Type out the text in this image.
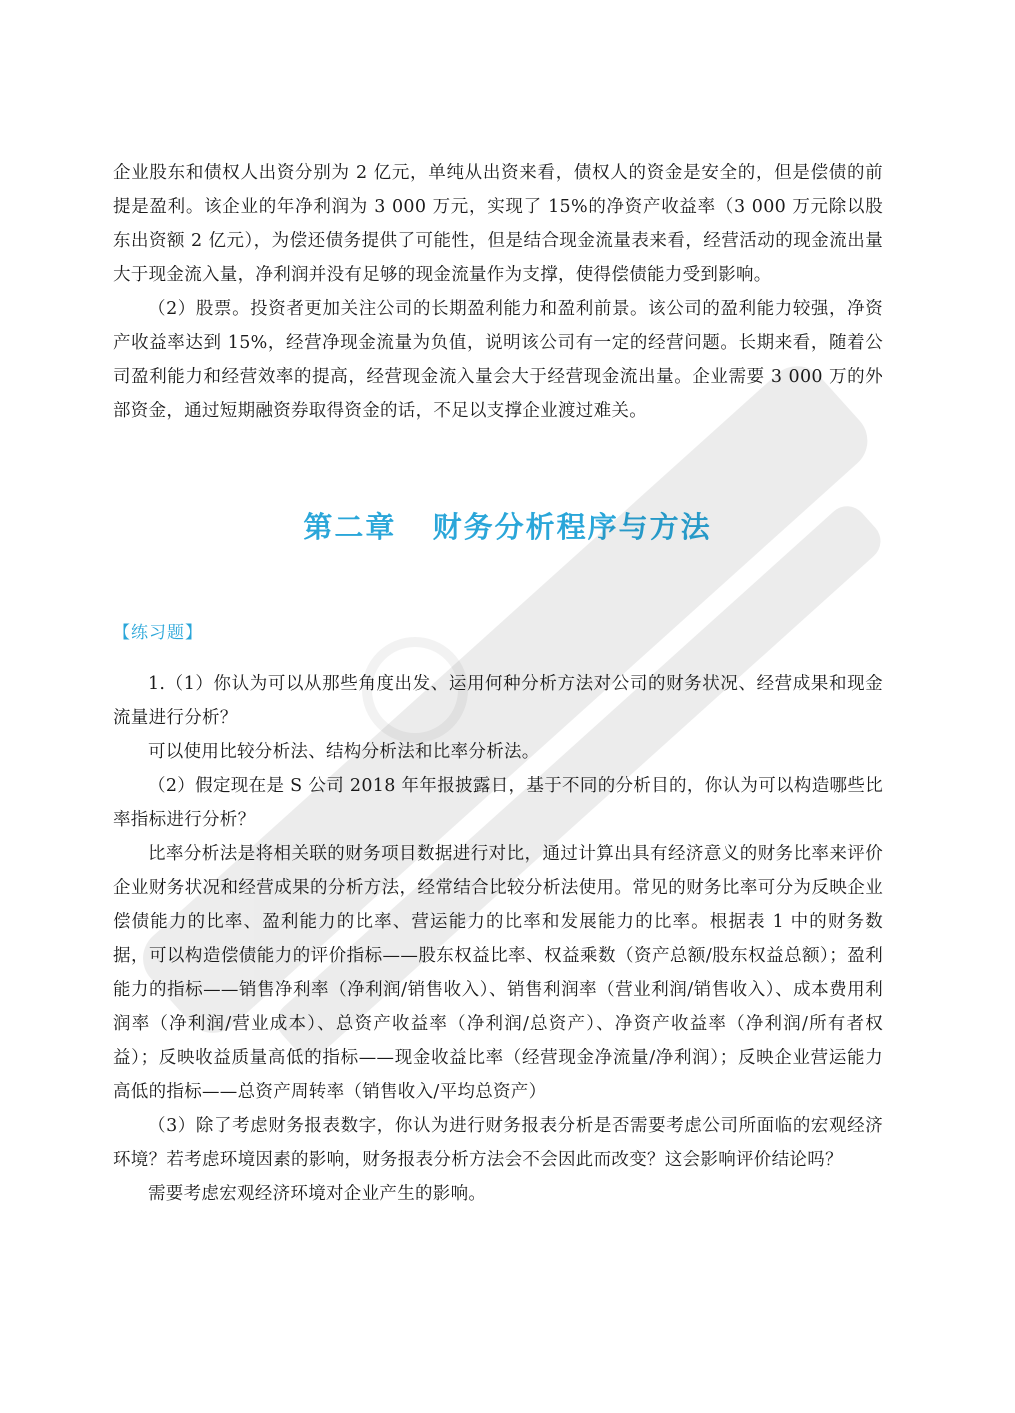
企业股东和债权人出资分别为 2 亿元，单纯从出资来看，债权人的资金是安全的，但是偿债的前提是盈利。该企业的年净利润为 3 000 万元，实现了 15%的净资产收益率（3 000 万元除以股东出资额 2 亿元），为偿还债务提供了可能性，但是结合现金流量表来看，经营活动的现金流出量大于现金流入量，净利润并没有足够的现金流量作为支撑，使得偿债能力受到影响。

（2）股票。投资者更加关注公司的长期盈利能力和盈利前景。该公司的盈利能力较强，净资产收益率达到 15%，经营净现金流量为负值，说明该公司有一定的经营问题。长期来看，随着公司盈利能力和经营效率的提高，经营现金流入量会大于经营现金流出量。企业需要 3 000 万的外部资金，通过短期融资券取得资金的话，不足以支撑企业渡过难关。

第二章   财务分析程序与方法
【练习题】

1.（1）你认为可以从那些角度出发、运用何种分析方法对公司的财务状况、经营成果和现金流量进行分析？

可以使用比较分析法、结构分析法和比率分析法。

（2）假定现在是 S 公司 2018 年年报披露日，基于不同的分析目的，你认为可以构造哪些比率指标进行分析？

比率分析法是将相关联的财务项目数据进行对比，通过计算出具有经济意义的财务比率来评价企业财务状况和经营成果的分析方法，经常结合比较分析法使用。常见的财务比率可分为反映企业偿债能力的比率、盈利能力的比率、营运能力的比率和发展能力的比率。根据表 1 中的财务数据，可以构造偿债能力的评价指标——股东权益比率、权益乘数（资产总额/股东权益总额）；盈利能力的指标——销售净利率（净利润/销售收入）、销售利润率（营业利润/销售收入）、成本费用利润率（净利润/营业成本）、总资产收益率（净利润/总资产）、净资产收益率（净利润/所有者权益）；反映收益质量高低的指标——现金收益比率（经营现金净流量/净利润）；反映企业营运能力高低的指标——总资产周转率（销售收入/平均总资产）

（3）除了考虑财务报表数字，你认为进行财务报表分析是否需要考虑公司所面临的宏观经济环境？若考虑环境因素的影响，财务报表分析方法会不会因此而改变？这会影响评价结论吗？

需要考虑宏观经济环境对企业产生的影响。
